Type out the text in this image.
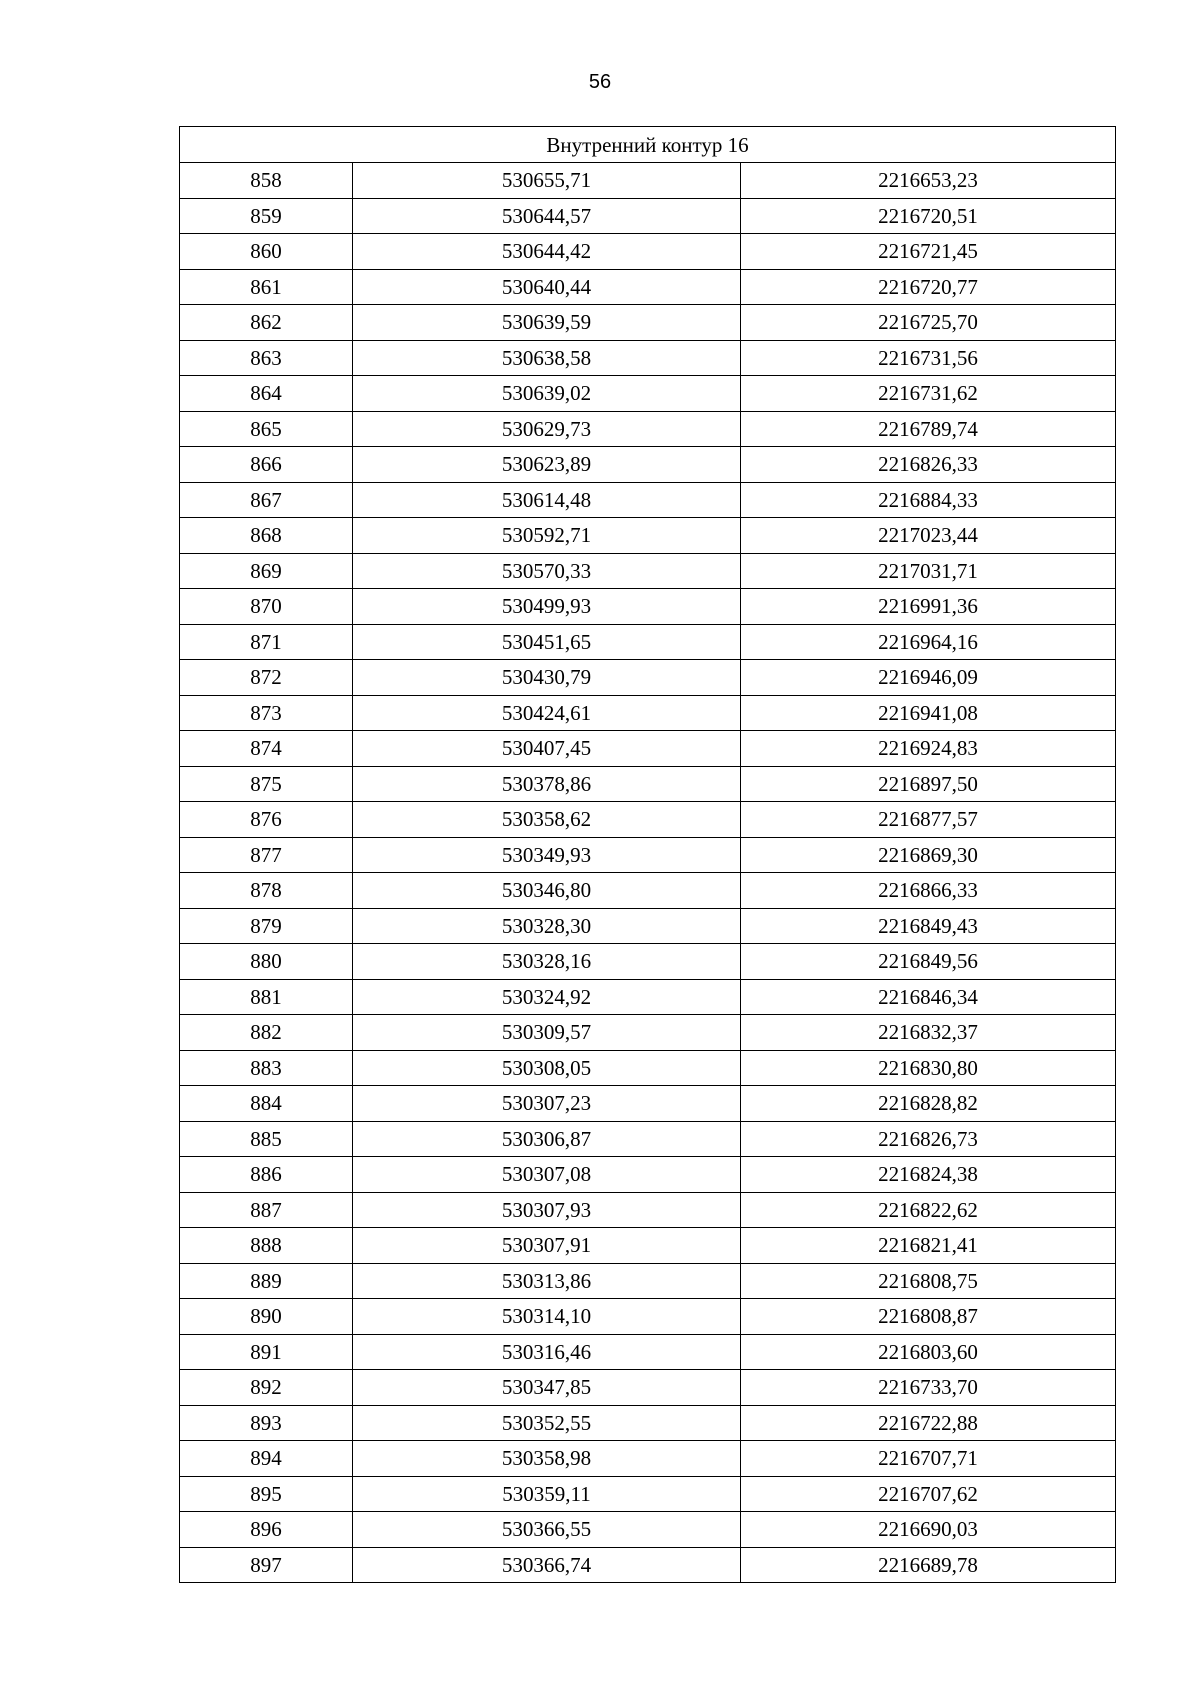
56
Внутренний контур 16		
858	530655,71	2216653,23
859	530644,57	2216720,51
860	530644,42	2216721,45
861	530640,44	2216720,77
862	530639,59	2216725,70
863	530638,58	2216731,56
864	530639,02	2216731,62
865	530629,73	2216789,74
866	530623,89	2216826,33
867	530614,48	2216884,33
868	530592,71	2217023,44
869	530570,33	2217031,71
870	530499,93	2216991,36
871	530451,65	2216964,16
872	530430,79	2216946,09
873	530424,61	2216941,08
874	530407,45	2216924,83
875	530378,86	2216897,50
876	530358,62	2216877,57
877	530349,93	2216869,30
878	530346,80	2216866,33
879	530328,30	2216849,43
880	530328,16	2216849,56
881	530324,92	2216846,34
882	530309,57	2216832,37
883	530308,05	2216830,80
884	530307,23	2216828,82
885	530306,87	2216826,73
886	530307,08	2216824,38
887	530307,93	2216822,62
888	530307,91	2216821,41
889	530313,86	2216808,75
890	530314,10	2216808,87
891	530316,46	2216803,60
892	530347,85	2216733,70
893	530352,55	2216722,88
894	530358,98	2216707,71
895	530359,11	2216707,62
896	530366,55	2216690,03
897	530366,74	2216689,78
